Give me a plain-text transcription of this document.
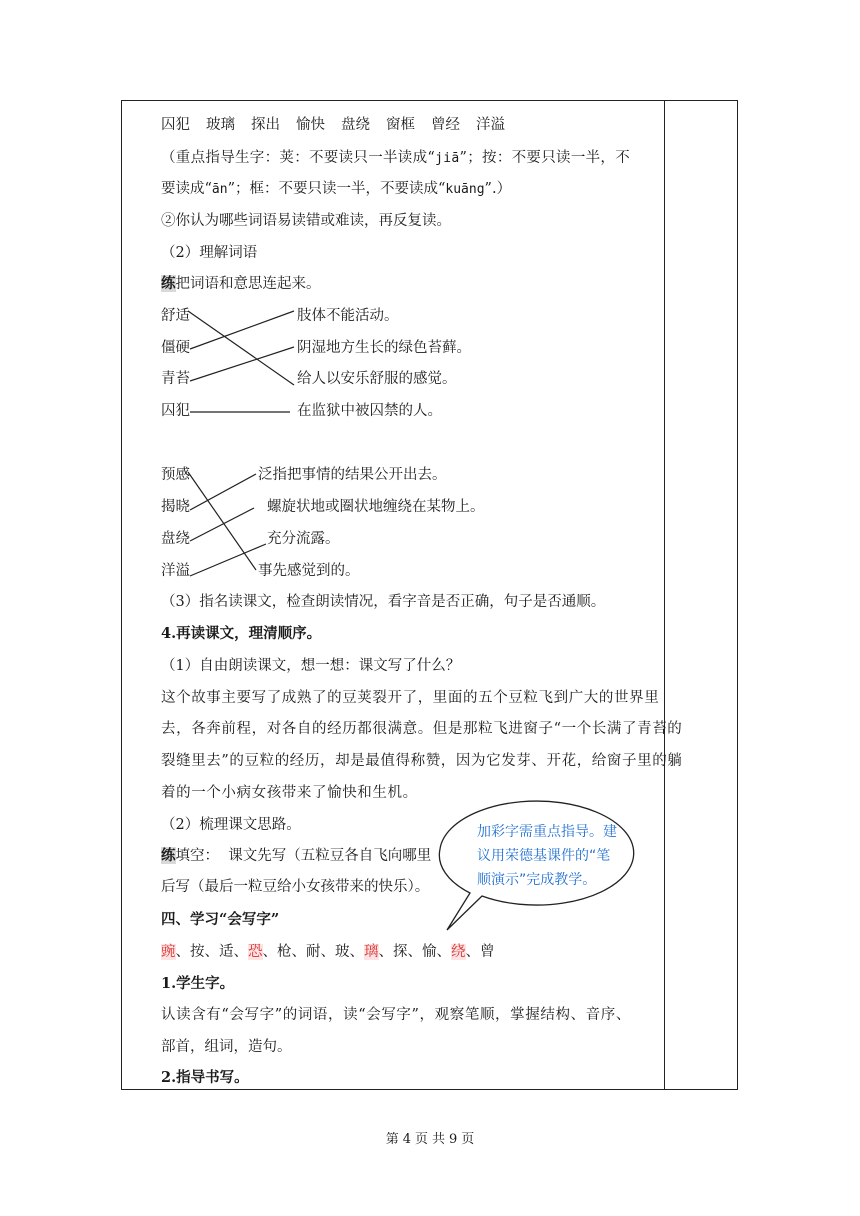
囚犯 玻璃 探出 愉快 盘绕 窗框 曾经 洋溢
（重点指导生字：荚：不要读只一半读成“jiā”；按：不要只读一半，不
要读成“ān”；框：不要只读一半，不要读成“kuāng”.）
②你认为哪些词语易读错或难读，再反复读。
（2）理解词语
练把词语和意思连起来。
舒适
僵硬
青苔
囚犯
肢体不能活动。
阴湿地方生长的绿色苔藓。
给人以安乐舒服的感觉。
在监狱中被囚禁的人。
预感
揭晓
盘绕
洋溢
泛指把事情的结果公开出去。
螺旋状地或圈状地缠绕在某物上。
充分流露。
事先感觉到的。
（3）指名读课文，检查朗读情况，看字音是否正确，句子是否通顺。
4.再读课文，理清顺序。
（1）自由朗读课文，想一想：课文写了什么？
这个故事主要写了成熟了的豆荚裂开了，里面的五个豆粒飞到广大的世界里
去，各奔前程，对各自的经历都很满意。但是那粒飞进窗子“一个长满了青苔的
裂缝里去”的豆粒的经历，却是最值得称赞，因为它发芽、开花，给窗子里的躺
着的一个小病女孩带来了愉快和生机。
（2）梳理课文思路。
练填空：  课文先写（五粒豆各自飞向哪里
后写（最后一粒豆给小女孩带来的快乐）。
加彩字需重点指导。建
议用荣德基课件的“笔
顺演示”完成教学。
四、学习“会写字”
豌、按、适、恐、枪、耐、玻、璃、探、愉、绕、曾
1.学生字。
认读含有“会写字”的词语，读“会写字”，观察笔顺，掌握结构、音序、
部首，组词，造句。
2.指导书写。
第 4 页 共 9 页
